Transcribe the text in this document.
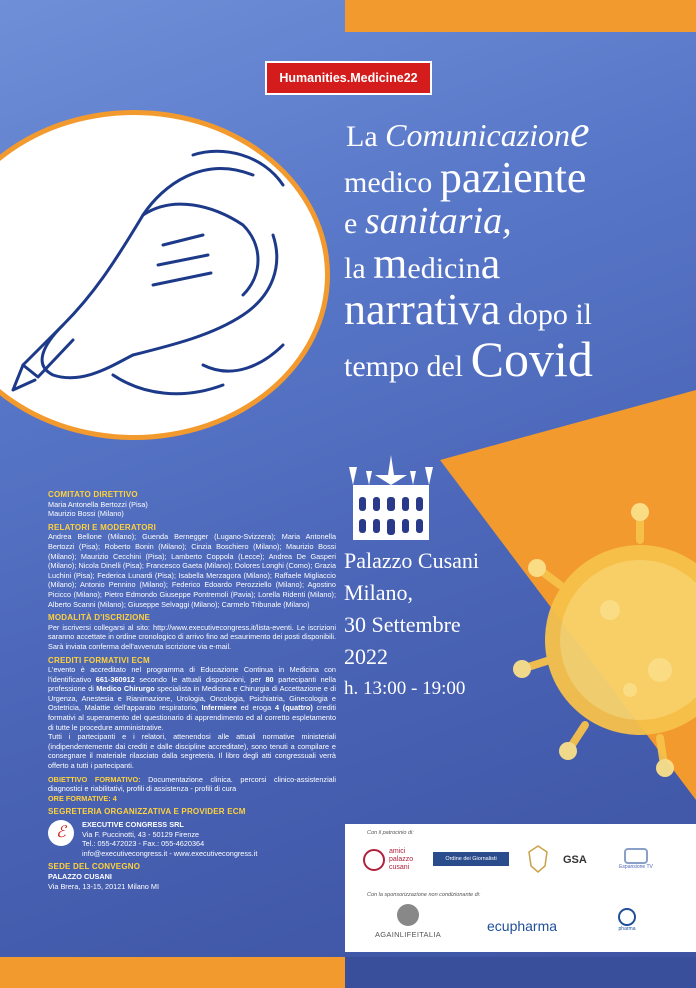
Humanities.Medicine22
La Comunicazione
medico paziente
e sanitaria,
la medicina
narrativa dopo il
tempo del Covid
Palazzo Cusani
Milano,
30 Settembre
2022
h. 13:00 - 19:00
COMITATO DIRETTIVO

Maria Antonella Bertozzi (Pisa)

Maurizio Bossi (Milano)

RELATORI E MODERATORI

Andrea Bellone (Milano); Guenda Bernegger (Lugano-Svizzera); Maria Antonella Bertozzi (Pisa); Roberto Bonin (Milano); Cinzia Boschiero (Milano); Maurizio Bossi (Milano); Maurizio Cecchini (Pisa); Lamberto Coppola (Lecce); Andrea De Gasperi (Milano); Nicola Dinelli (Pisa); Francesco Gaeta (Milano); Dolores Longhi (Como); Grazia Luchini (Pisa); Federica Lunardi (Pisa); Isabella Merzagora (Milano); Raffaele Migliaccio (Milano); Antonio Pennino (Milano); Federico Edoardo Perozziello (Milano); Agostino Picicco (Milano); Pietro Edmondo Giuseppe Pontremoli (Pavia); Lorella Ridenti (Milano); Alberto Scanni (Milano); Giuseppe Selvaggi (Milano); Carmelo Tribunale (Milano)

MODALITÀ D'ISCRIZIONE

Per iscriversi collegarsi al sito: http://www.executivecongress.it/lista-eventi. Le iscrizioni saranno accettate in ordine cronologico di arrivo fino ad esaurimento dei posti disponibili. Sarà inviata conferma dell'avvenuta iscrizione via e-mail.

CREDITI FORMATIVI ECM

L'evento è accreditato nel programma di Educazione Continua in Medicina con l'identificativo 661-360912 secondo le attuali disposizioni, per 80 partecipanti nella professione di Medico Chirurgo specialista in Medicina e Chirurgia di Accettazione e di Urgenza, Anestesia e Rianimazione, Urologia, Oncologia, Psichiatria, Ginecologia e Ostetricia, Malattie dell'apparato respiratorio, Infermiere ed eroga 4 (quattro) crediti formativi al superamento del questionario di apprendimento ed al corretto espletamento di tutte le procedure amministrative.

Tutti i partecipanti e i relatori, attenendosi alle attuali normative ministeriali (indipendentemente dai crediti e dalle discipline accreditate), sono tenuti a compilare e consegnare il materiale rilasciato dalla segreteria. Il libro degli atti congressuali verrà offerto a tutti i partecipanti.

OBIETTIVO FORMATIVO: Documentazione clinica. percorsi clinico-assistenziali diagnostici e riabilitativi, profili di assistenza - profili di cura

ORE FORMATIVE: 4

SEGRETERIA ORGANIZZATIVA E PROVIDER ECM
ℰ EXECUTIVE CONGRESS SRL
Via F. Puccinotti, 43 - 50129 Firenze
Tel.: 055-472023 - Fax.: 055-4620364
info@executivecongress.it - www.executivecongress.it
SEDE DEL CONVEGNO

PALAZZO CUSANI

Via Brera, 13-15, 20121 Milano MI

Con il patrocinio di:
amici palazzo cusani
Ordine dei Giornalisti	GSA
Espansione TV
Con la sponsorizzazione non condizionante di:
AGAINLIFEITALIA
ecupharma	pharma
